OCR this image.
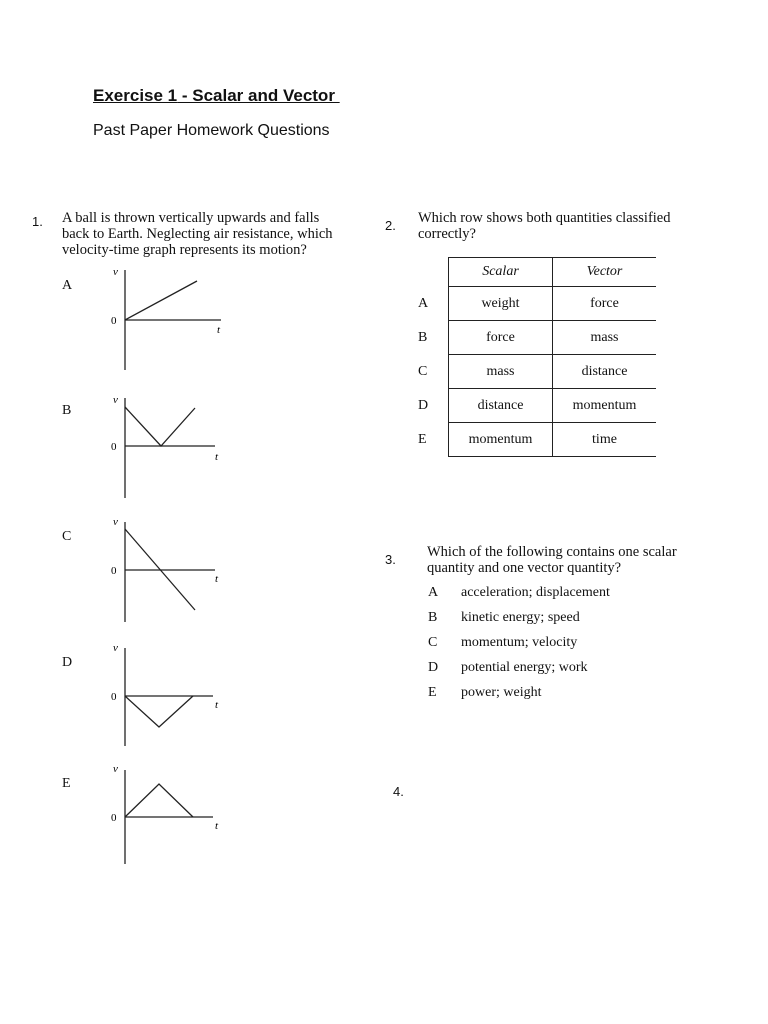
Exercise 1 - Scalar and Vector
Past Paper Homework Questions
1. A ball is thrown vertically upwards and falls
back to Earth. Neglecting air resistance, which
velocity-time graph represents its motion?
A
v
0
t
B
v
0
t
C
v
0
t
D
v
0
t
E
v
0
t
2. Which row shows both quantities classified
correctly?
	Scalar	Vector
A	weight	force
B	force	mass
C	mass	distance
D	distance	momentum
E	momentum	time
3. Which of the following contains one scalar
quantity and one vector quantity?
A	acceleration; displacement
B	kinetic energy; speed
C	momentum; velocity
D	potential energy; work
E	power; weight
4.
